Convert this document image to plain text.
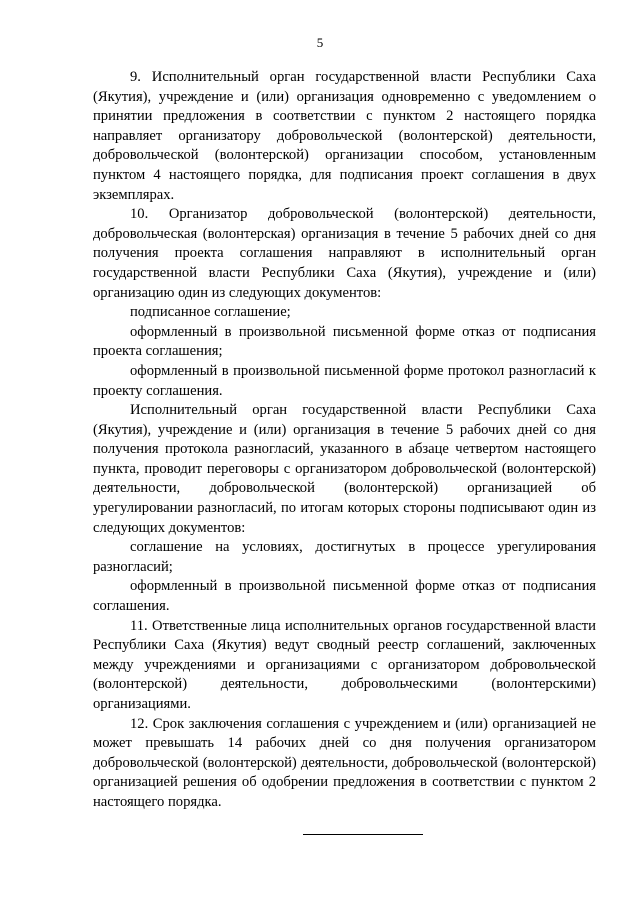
5

9. Исполнительный орган государственной власти Республики Саха (Якутия), учреждение и (или) организация одновременно с уведомлением о принятии предложения в соответствии с пунктом 2 настоящего порядка направляет организатору добровольческой (волонтерской) деятельности, добровольческой (волонтерской) организации способом, установленным пунктом 4 настоящего порядка, для подписания проект соглашения в двух экземплярах.

10. Организатор добровольческой (волонтерской) деятельности, добровольческая (волонтерская) организация в течение 5 рабочих дней со дня получения проекта соглашения направляют в исполнительный орган государственной власти Республики Саха (Якутия), учреждение и (или) организацию один из следующих документов:

подписанное соглашение;

оформленный в произвольной письменной форме отказ от подписания проекта соглашения;

оформленный в произвольной письменной форме протокол разногласий к проекту соглашения.

Исполнительный орган государственной власти Республики Саха (Якутия), учреждение и (или) организация в течение 5 рабочих дней со дня получения протокола разногласий, указанного в абзаце четвертом настоящего пункта, проводит переговоры с организатором добровольческой (волонтерской) деятельности, добровольческой (волонтерской) организацией об урегулировании разногласий, по итогам которых стороны подписывают один из следующих документов:

соглашение на условиях, достигнутых в процессе урегулирования разногласий;

оформленный в произвольной письменной форме отказ от подписания соглашения.

11. Ответственные лица исполнительных органов государственной власти Республики Саха (Якутия) ведут сводный реестр соглашений, заключенных между учреждениями и организациями с организатором добровольческой (волонтерской) деятельности, добровольческими (волонтерскими) организациями.

12. Срок заключения соглашения с учреждением и (или) организацией не может превышать 14 рабочих дней со дня получения организатором добровольческой (волонтерской) деятельности, добровольческой (волонтерской) организацией решения об одобрении предложения в соответствии с пунктом 2 настоящего порядка.
